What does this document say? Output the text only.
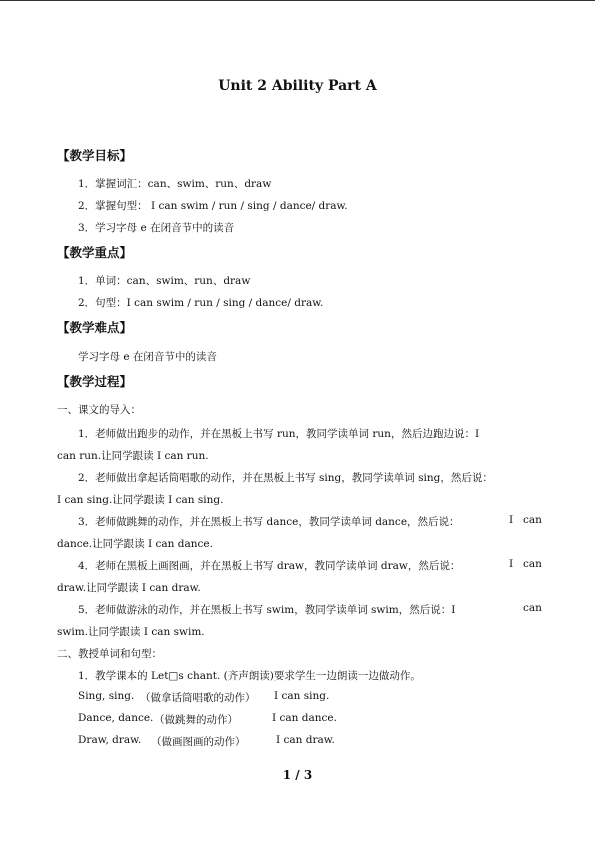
Unit 2 Ability Part A
【教学目标】
1．掌握词汇：can、swim、run、draw
2．掌握句型： I can swim / run / sing / dance/ draw.
3．学习字母 e 在闭音节中的读音
【教学重点】
1．单词：can、swim、run、draw
2．句型：I can swim / run / sing / dance/ draw.
【教学难点】
学习字母 e 在闭音节中的读音
【教学过程】
一、课文的导入：
1．老师做出跑步的动作，并在黑板上书写 run，教同学读单词 run，然后边跑边说：I
can run.让同学跟读 I can run.
2．老师做出拿起话筒唱歌的动作，并在黑板上书写 sing，教同学读单词 sing，然后说：
I can sing.让同学跟读 I can sing.
3．老师做跳舞的动作，并在黑板上书写 dance，教同学读单词 dance，然后说：	I can
dance.让同学跟读 I can dance.
4．老师在黑板上画图画，并在黑板上书写 draw，教同学读单词 draw，然后说：	I can
draw.让同学跟读 I can draw.
5．老师做游泳的动作，并在黑板上书写 swim，教同学读单词 swim，然后说：I	can
swim.让同学跟读 I can swim.
二、教授单词和句型：
1．教学课本的 Let□s chant. (齐声朗读)要求学生一边朗读一边做动作。
Sing, sing. （做拿话筒唱歌的动作） I can sing.
Dance, dance. （做跳舞的动作）	I can dance.
Draw, draw. （做画图画的动作）	I can draw.
1 / 3
